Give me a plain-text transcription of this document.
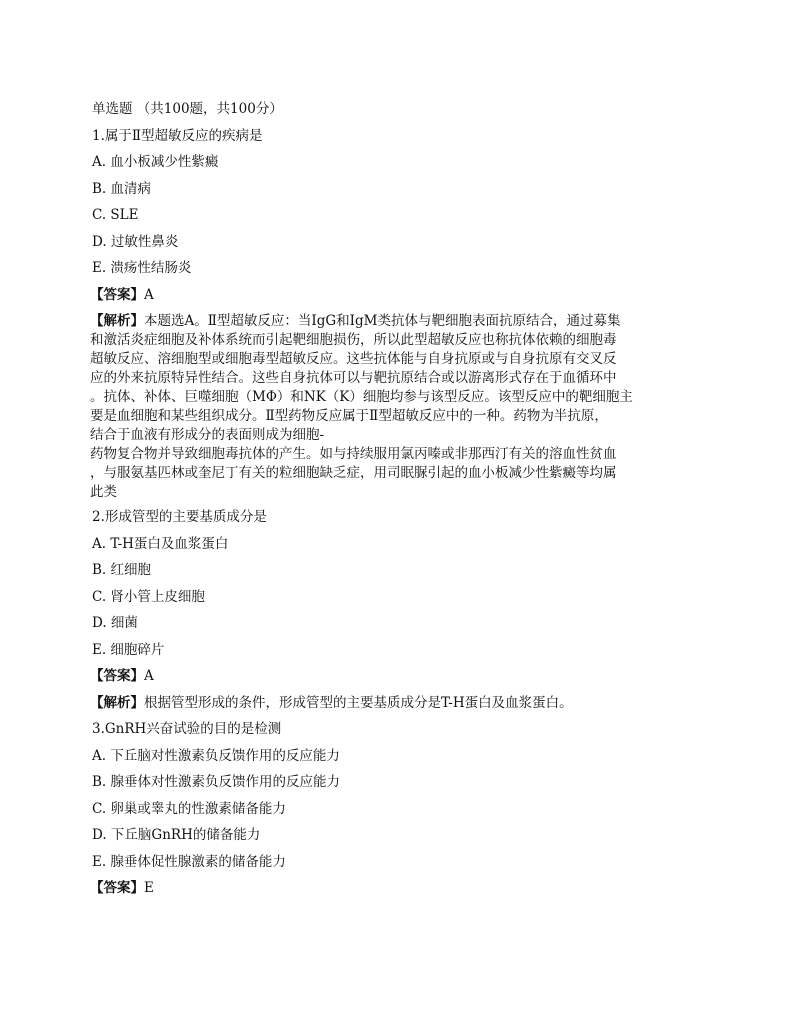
单选题 （共100题，共100分）
1.属于Ⅱ型超敏反应的疾病是
A. 血小板减少性紫癜
B. 血清病
C. SLE
D. 过敏性鼻炎
E. 溃疡性结肠炎
【答案】A
【解析】本题选A。Ⅱ型超敏反应：当IgG和IgM类抗体与靶细胞表面抗原结合，通过募集
和激活炎症细胞及补体系统而引起靶细胞损伤，所以此型超敏反应也称抗体依赖的细胞毒
超敏反应、溶细胞型或细胞毒型超敏反应。这些抗体能与自身抗原或与自身抗原有交叉反
应的外来抗原特异性结合。这些自身抗体可以与靶抗原结合或以游离形式存在于血循环中
。抗体、补体、巨噬细胞（MΦ）和NK（K）细胞均参与该型反应。该型反应中的靶细胞主
要是血细胞和某些组织成分。Ⅱ型药物反应属于Ⅱ型超敏反应中的一种。药物为半抗原，
结合于血液有形成分的表面则成为细胞-
药物复合物并导致细胞毒抗体的产生。如与持续服用氯丙嗪或非那西汀有关的溶血性贫血
，与服氨基匹林或奎尼丁有关的粒细胞缺乏症，用司眠脲引起的血小板减少性紫癜等均属
此类
2.形成管型的主要基质成分是
A. T-H蛋白及血浆蛋白
B. 红细胞
C. 肾小管上皮细胞
D. 细菌
E. 细胞碎片
【答案】A
【解析】根据管型形成的条件，形成管型的主要基质成分是T-H蛋白及血浆蛋白。
3.GnRH兴奋试验的目的是检测
A. 下丘脑对性激素负反馈作用的反应能力
B. 腺垂体对性激素负反馈作用的反应能力
C. 卵巢或睾丸的性激素储备能力
D. 下丘脑GnRH的储备能力
E. 腺垂体促性腺激素的储备能力
【答案】E
